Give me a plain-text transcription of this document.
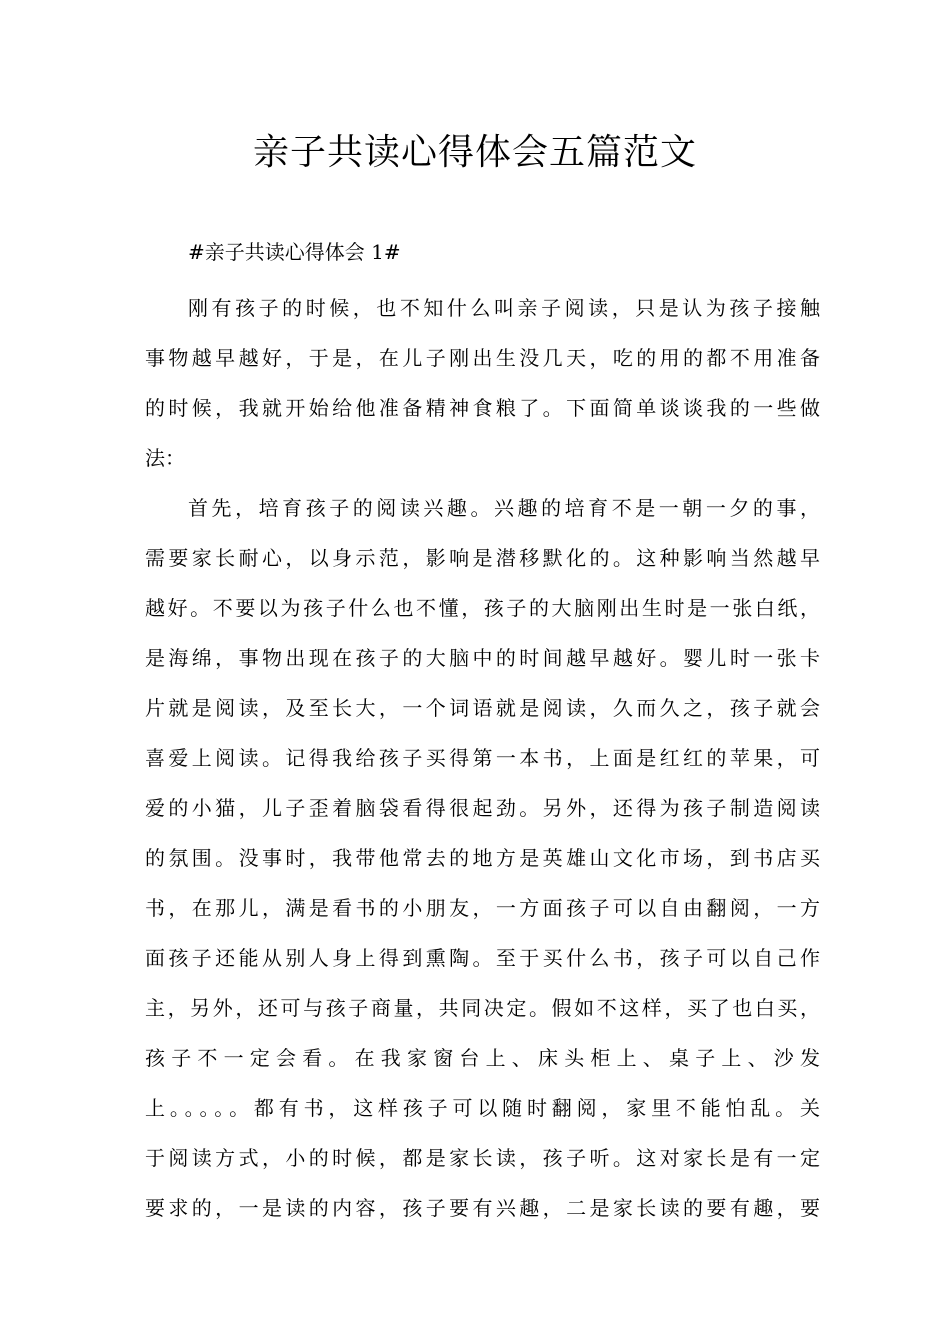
亲子共读心得体会五篇范文
#亲子共读心得体会 1#
刚有孩子的时候，也不知什么叫亲子阅读，只是认为孩子接触
事物越早越好，于是，在儿子刚出生没几天，吃的用的都不用准备
的时候，我就开始给他准备精神食粮了。下面简单谈谈我的一些做
法：
首先，培育孩子的阅读兴趣。兴趣的培育不是一朝一夕的事，
需要家长耐心，以身示范，影响是潜移默化的。这种影响当然越早
越好。不要以为孩子什么也不懂，孩子的大脑刚出生时是一张白纸，
是海绵，事物出现在孩子的大脑中的时间越早越好。婴儿时一张卡
片就是阅读，及至长大，一个词语就是阅读，久而久之，孩子就会
喜爱上阅读。记得我给孩子买得第一本书，上面是红红的苹果，可
爱的小猫，儿子歪着脑袋看得很起劲。另外，还得为孩子制造阅读
的氛围。没事时，我带他常去的地方是英雄山文化市场，到书店买
书，在那儿，满是看书的小朋友，一方面孩子可以自由翻阅，一方
面孩子还能从别人身上得到熏陶。至于买什么书，孩子可以自己作
主，另外，还可与孩子商量，共同决定。假如不这样，买了也白买，
孩子不一定会看。在我家窗台上、床头柜上、桌子上、沙发
上。。。。。都有书，这样孩子可以随时翻阅，家里不能怕乱。关
于阅读方式，小的时候，都是家长读，孩子听。这对家长是有一定
要求的，一是读的内容，孩子要有兴趣，二是家长读的要有趣，要
